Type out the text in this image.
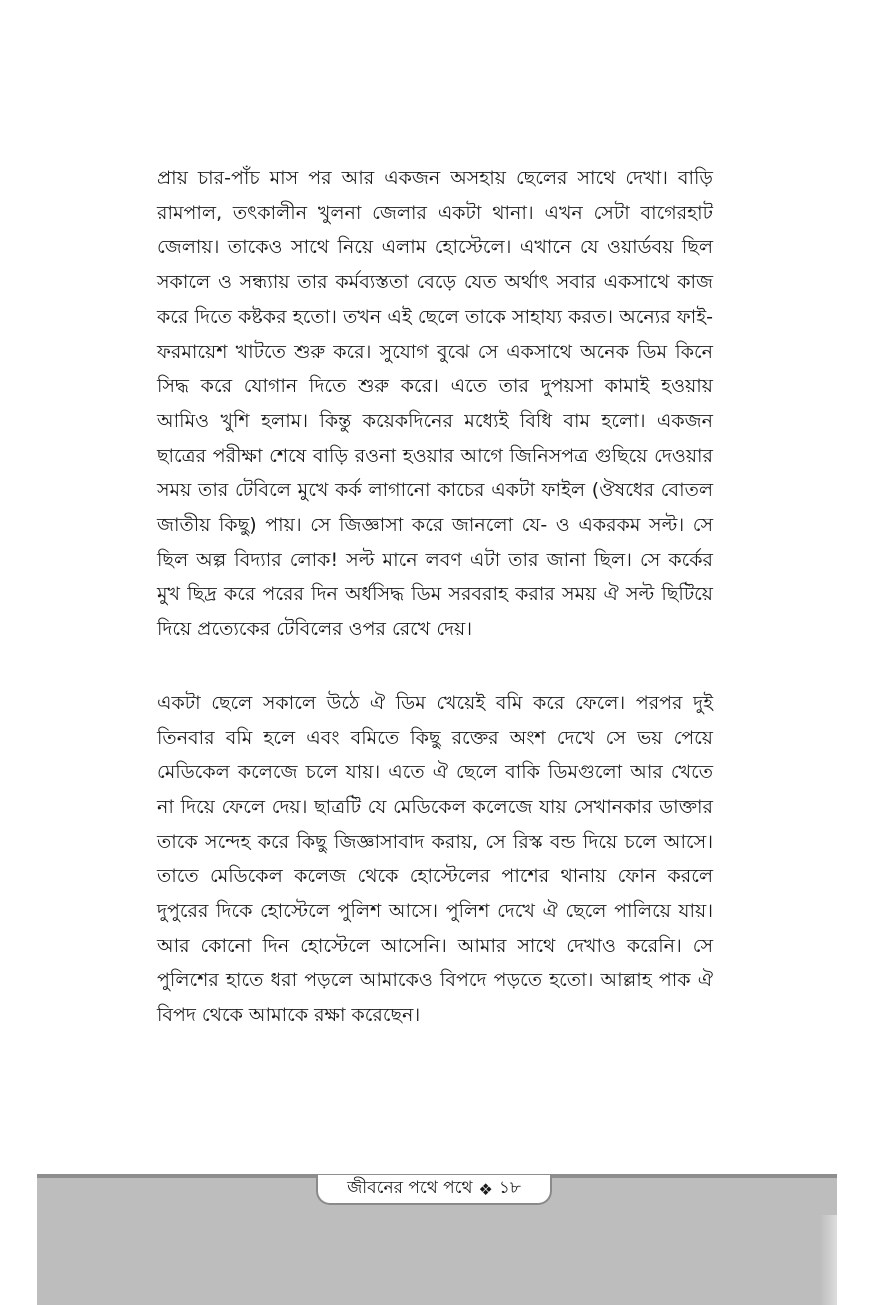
প্রায় চার-পাঁচ মাস পর আর একজন অসহায় ছেলের সাথে দেখা। বাড়ি রামপাল, তৎকালীন খুলনা জেলার একটা থানা। এখন সেটা বাগেরহাট জেলায়। তাকেও সাথে নিয়ে এলাম হোস্টেলে। এখানে যে ওয়ার্ডবয় ছিল সকালে ও সন্ধ্যায় তার কর্মব্যস্ততা বেড়ে যেত অর্থাৎ সবার একসাথে কাজ করে দিতে কষ্টকর হতো। তখন এই ছেলে তাকে সাহায্য করত। অন্যের ফাই-ফরমায়েশ খাটতে শুরু করে। সুযোগ বুঝে সে একসাথে অনেক ডিম কিনে সিদ্ধ করে যোগান দিতে শুরু করে। এতে তার দুপয়সা কামাই হওয়ায় আমিও খুশি হলাম। কিন্তু কয়েকদিনের মধ্যেই বিধি বাম হলো। একজন ছাত্রের পরীক্ষা শেষে বাড়ি রওনা হওয়ার আগে জিনিসপত্র গুছিয়ে দেওয়ার সময় তার টেবিলে মুখে কর্ক লাগানো কাচের একটা ফাইল (ঔষধের বোতল জাতীয় কিছু) পায়। সে জিজ্ঞাসা করে জানলো যে- ও একরকম সল্ট। সে ছিল অল্প বিদ্যার লোক! সল্ট মানে লবণ এটা তার জানা ছিল। সে কর্কের মুখ ছিদ্র করে পরের দিন অর্ধসিদ্ধ ডিম সরবরাহ করার সময় ঐ সল্ট ছিটিয়ে দিয়ে প্রত্যেকের টেবিলের ওপর রেখে দেয়।

একটা ছেলে সকালে উঠে ঐ ডিম খেয়েই বমি করে ফেলে। পরপর দুই তিনবার বমি হলে এবং বমিতে কিছু রক্তের অংশ দেখে সে ভয় পেয়ে মেডিকেল কলেজে চলে যায়। এতে ঐ ছেলে বাকি ডিমগুলো আর খেতে না দিয়ে ফেলে দেয়। ছাত্রটি যে মেডিকেল কলেজে যায় সেখানকার ডাক্তার তাকে সন্দেহ করে কিছু জিজ্ঞাসাবাদ করায়, সে রিস্ক বন্ড দিয়ে চলে আসে। তাতে মেডিকেল কলেজ থেকে হোস্টেলের পাশের থানায় ফোন করলে দুপুরের দিকে হোস্টেলে পুলিশ আসে। পুলিশ দেখে ঐ ছেলে পালিয়ে যায়। আর কোনো দিন হোস্টেলে আসেনি। আমার সাথে দেখাও করেনি। সে পুলিশের হাতে ধরা পড়লে আমাকেও বিপদে পড়তে হতো। আল্লাহ পাক ঐ বিপদ থেকে আমাকে রক্ষা করেছেন।

জীবনের পথে পথে ❖ ১৮
